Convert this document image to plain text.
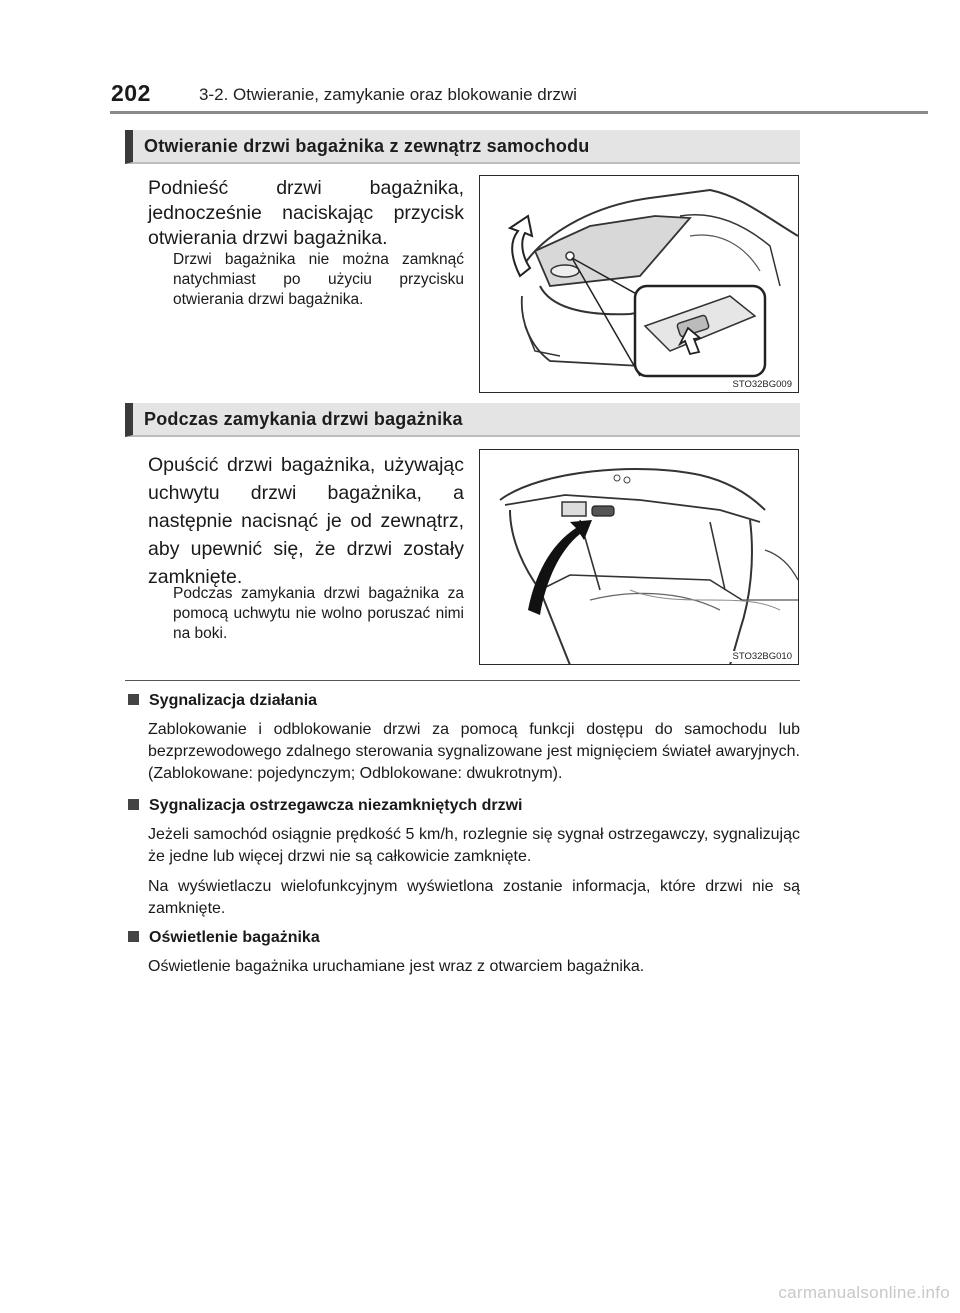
202	3-2. Otwieranie, zamykanie oraz blokowanie drzwi
Otwieranie drzwi bagażnika z zewnątrz samochodu
Podnieść drzwi bagażnika, jednocześnie naciskając przycisk otwierania drzwi bagażnika.
Drzwi bagażnika nie można zamknąć natychmiast po użyciu przycisku otwierania drzwi bagażnika.
STO32BG009
Podczas zamykania drzwi bagażnika
Opuścić drzwi bagażnika, używając uchwytu drzwi bagażnika, a następnie nacisnąć je od zewnątrz, aby upewnić się, że drzwi zostały zamknięte.
Podczas zamykania drzwi bagażnika za pomocą uchwytu nie wolno poruszać nimi na boki.
STO32BG010
Sygnalizacja działania
Zablokowanie i odblokowanie drzwi za pomocą funkcji dostępu do samochodu lub bezprzewodowego zdalnego sterowania sygnalizowane jest mignięciem świateł awaryjnych. (Zablokowane: pojedynczym; Odblokowane: dwukrotnym).
Sygnalizacja ostrzegawcza niezamkniętych drzwi
Jeżeli samochód osiągnie prędkość 5 km/h, rozlegnie się sygnał ostrzegawczy, sygnalizując że jedne lub więcej drzwi nie są całkowicie zamknięte.
Na wyświetlaczu wielofunkcyjnym wyświetlona zostanie informacja, które drzwi nie są zamknięte.
Oświetlenie bagażnika
Oświetlenie bagażnika uruchamiane jest wraz z otwarciem bagażnika.
carmanualsonline.info
